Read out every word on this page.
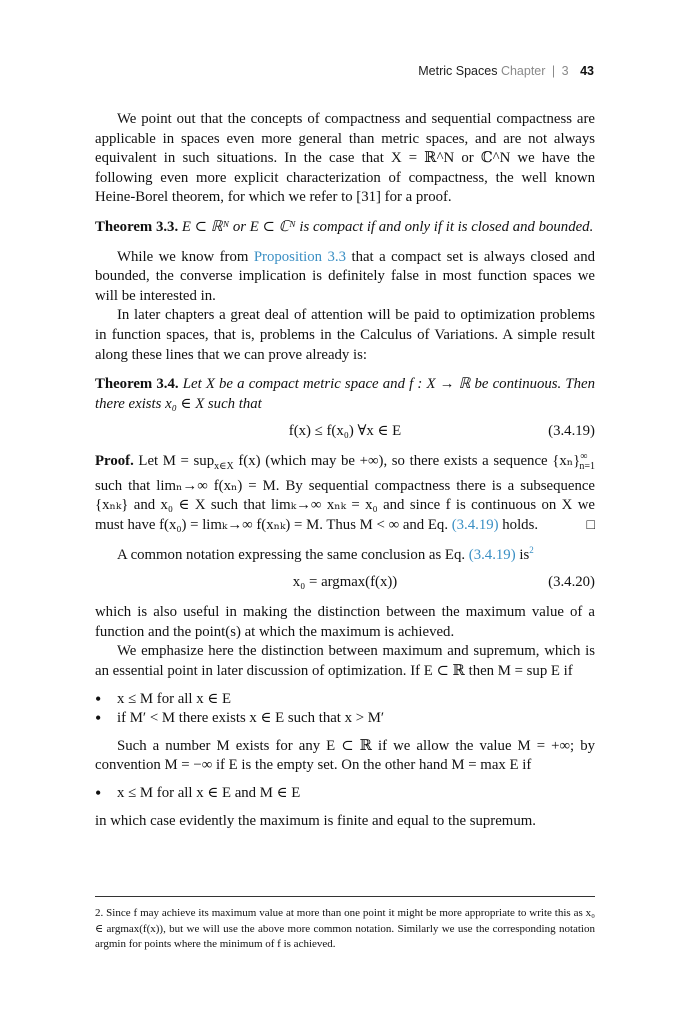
Metric Spaces Chapter | 3 43

We point out that the concepts of compactness and sequential compactness are applicable in spaces even more general than metric spaces, and are not always equivalent in such situations. In the case that X = ℝ^N or ℂ^N we have the following even more explicit characterization of compactness, the well known Heine-Borel theorem, for which we refer to [31] for a proof.

Theorem 3.3. E ⊂ ℝᴺ or E ⊂ ℂᴺ is compact if and only if it is closed and bounded.

While we know from Proposition 3.3 that a compact set is always closed and bounded, the converse implication is definitely false in most function spaces we will be interested in.

In later chapters a great deal of attention will be paid to optimization problems in function spaces, that is, problems in the Calculus of Variations. A simple result along these lines that we can prove already is:

Theorem 3.4. Let X be a compact metric space and f : X → ℝ be continuous. Then there exists x₀ ∈ X such that

f(x) ≤ f(x₀) ∀x ∈ E	(3.4.19)

Proof. Let M = sup$_{x\in X}$ f(x) (which may be +∞), so there exists a sequence $\{x_n\}^\infty_{n=1}$ such that limₙ→∞ f(xₙ) = M. By sequential compactness there is a subsequence {xₙₖ} and x₀ ∈ X such that limₖ→∞ xₙₖ = x₀ and since f is continuous on X we must have f(x₀) = limₖ→∞ f(xₙₖ) = M. Thus M < ∞ and Eq. (3.4.19) holds.	□

A common notation expressing the same conclusion as Eq. (3.4.19) $is^2$

x₀ = argmax(f(x))	(3.4.20)

which is also useful in making the distinction between the maximum value of a function and the point(s) at which the maximum is achieved.

We emphasize here the distinction between maximum and supremum, which is an essential point in later discussion of optimization. If E ⊂ ℝ then M = sup E if

• x ≤ M for all x ∈ E
• if M′ < M there exists x ∈ E such that x > M′

Such a number M exists for any E ⊂ ℝ if we allow the value M = +∞; by convention M = −∞ if E is the empty set. On the other hand M = max E if

• x ≤ M for all x ∈ E and M ∈ E

in which case evidently the maximum is finite and equal to the supremum.

2. Since f may achieve its maximum value at more than one point it might be more appropriate to write this as x₀ ∈ argmax(f(x)), but we will use the above more common notation. Similarly we use the corresponding notation argmin for points where the minimum of f is achieved.
